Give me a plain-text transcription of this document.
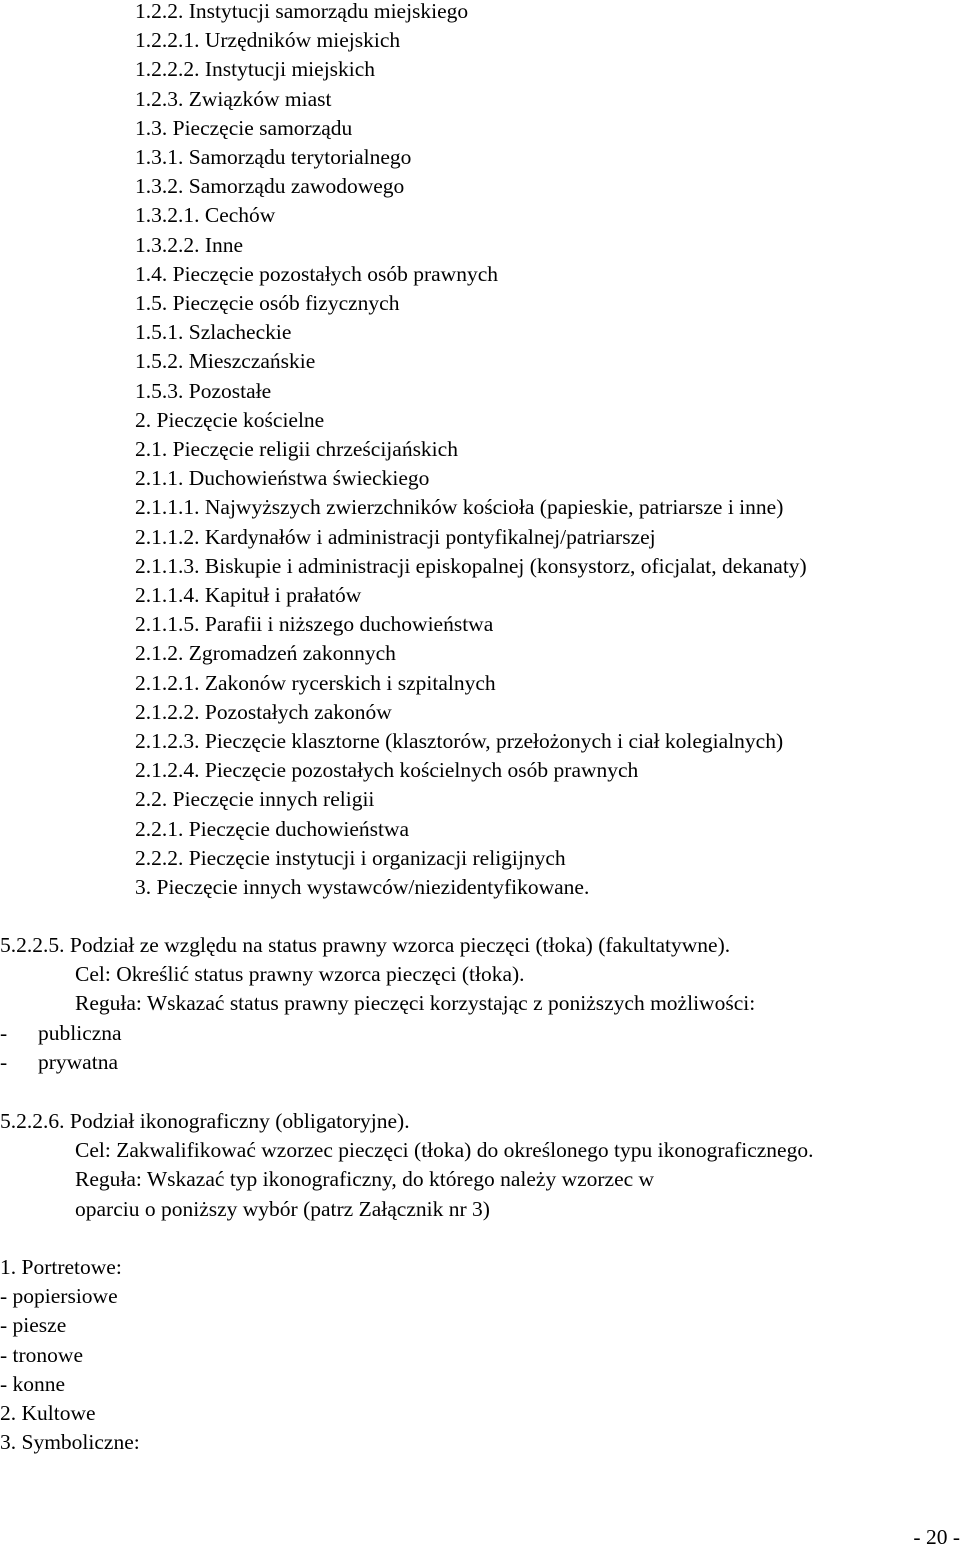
1.2.2. Instytucji samorządu miejskiego
1.2.2.1. Urzędników miejskich
1.2.2.2. Instytucji miejskich
1.2.3. Związków miast
1.3. Pieczęcie samorządu
1.3.1. Samorządu terytorialnego
1.3.2. Samorządu zawodowego
1.3.2.1. Cechów
1.3.2.2. Inne
1.4. Pieczęcie pozostałych osób prawnych
1.5. Pieczęcie osób fizycznych
1.5.1. Szlacheckie
1.5.2. Mieszczańskie
1.5.3. Pozostałe
2. Pieczęcie kościelne
2.1. Pieczęcie religii chrześcijańskich
2.1.1. Duchowieństwa świeckiego
2.1.1.1. Najwyższych zwierzchników kościoła (papieskie, patriarsze i inne)
2.1.1.2. Kardynałów i administracji pontyfikalnej/patriarszej
2.1.1.3. Biskupie i administracji episkopalnej (konsystorz, oficjalat, dekanaty)
2.1.1.4. Kapituł i prałatów
2.1.1.5. Parafii i niższego duchowieństwa
2.1.2. Zgromadzeń zakonnych
2.1.2.1. Zakonów rycerskich i szpitalnych
2.1.2.2. Pozostałych zakonów
2.1.2.3. Pieczęcie klasztorne (klasztorów, przełożonych i ciał kolegialnych)
2.1.2.4. Pieczęcie pozostałych kościelnych osób prawnych
2.2. Pieczęcie innych religii
2.2.1. Pieczęcie duchowieństwa
2.2.2. Pieczęcie instytucji i organizacji religijnych
3. Pieczęcie innych wystawców/niezidentyfikowane.
5.2.2.5. Podział ze względu na status prawny wzorca pieczęci (tłoka) (fakultatywne).
Cel: Określić status prawny wzorca pieczęci (tłoka).
Reguła: Wskazać status prawny pieczęci korzystając z poniższych możliwości:
- publiczna
- prywatna
5.2.2.6. Podział ikonograficzny (obligatoryjne).
Cel: Zakwalifikować wzorzec pieczęci (tłoka) do określonego typu ikonograficznego.
Reguła: Wskazać typ ikonograficzny, do którego należy wzorzec w
oparciu o poniższy wybór (patrz Załącznik nr 3)
1. Portretowe:
- popiersiowe
- piesze
- tronowe
- konne
2. Kultowe
3. Symboliczne:
- 20 -
